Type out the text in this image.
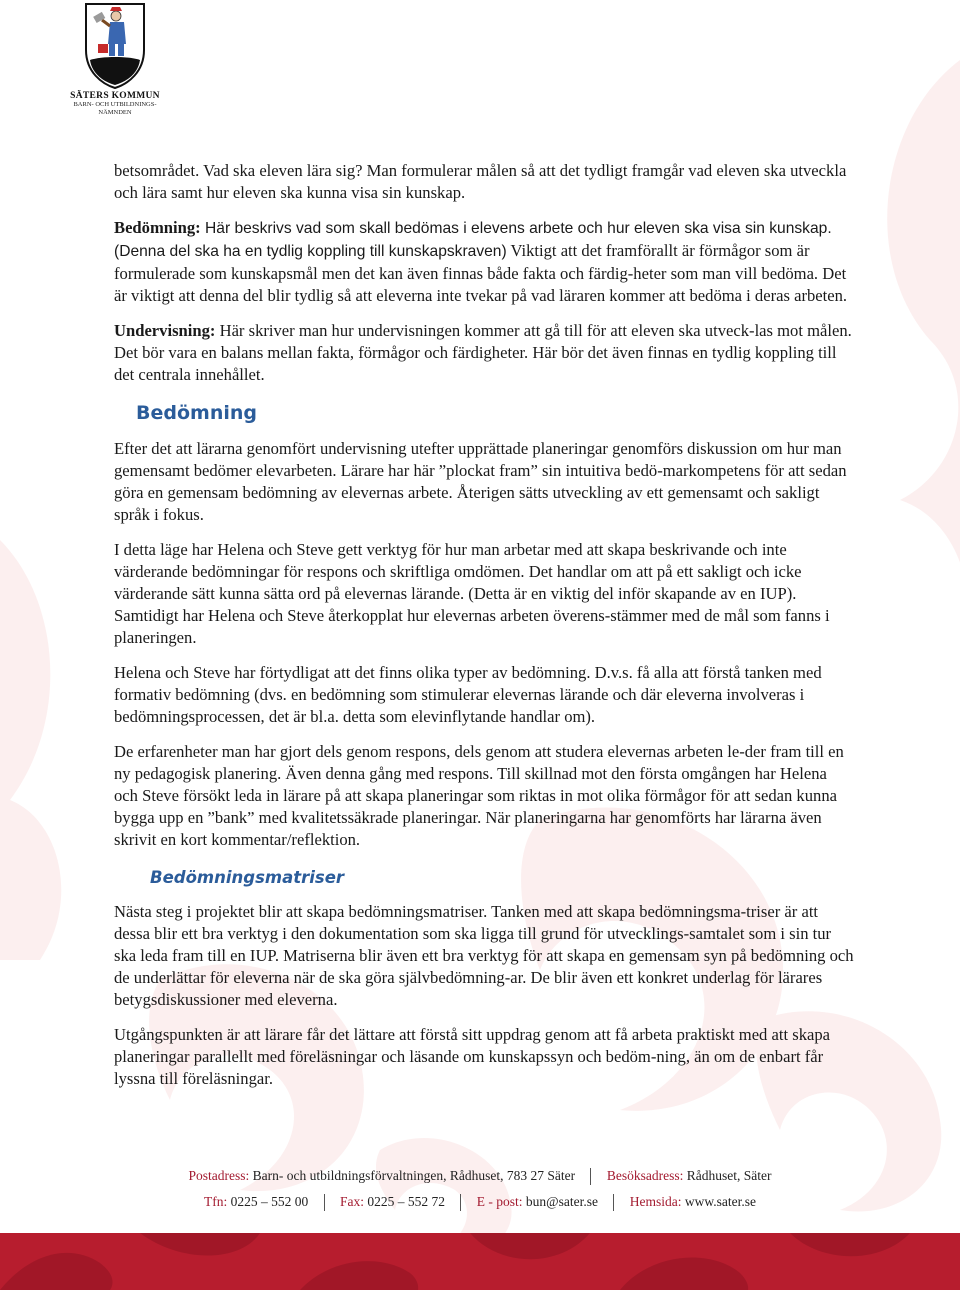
SÄTERS KOMMUN
BARN- OCH UTBILDNINGS-
NÄMNDEN

betsområdet. Vad ska eleven lära sig? Man formulerar målen så att det tydligt framgår vad eleven ska utveckla och lära samt hur eleven ska kunna visa sin kunskap.

Bedömning: Här beskrivs vad som skall bedömas i elevens arbete och hur eleven ska visa sin kunskap. (Denna del ska ha en tydlig koppling till kunskapskraven) Viktigt att det framförallt är förmågor som är formulerade som kunskapsmål men det kan även finnas både fakta och färdig-heter som man vill bedöma. Det är viktigt att denna del blir tydlig så att eleverna inte tvekar på vad läraren kommer att bedöma i deras arbeten.

Undervisning: Här skriver man hur undervisningen kommer att gå till för att eleven ska utveck-las mot målen. Det bör vara en balans mellan fakta, förmågor och färdigheter. Här bör det även finnas en tydlig koppling till det centrala innehållet.

Bedömning

Efter det att lärarna genomfört undervisning utefter upprättade planeringar genomförs diskussion om hur man gemensamt bedömer elevarbeten. Lärare har här ”plockat fram” sin intuitiva bedö-markompetens för att sedan göra en gemensam bedömning av elevernas arbete. Återigen sätts utveckling av ett gemensamt och sakligt språk i fokus.

I detta läge har Helena och Steve gett verktyg för hur man arbetar med att skapa beskrivande och inte värderande bedömningar för respons och skriftliga omdömen. Det handlar om att på ett sakligt och icke värderande sätt kunna sätta ord på elevernas lärande. (Detta är en viktig del inför skapande av en IUP). Samtidigt har Helena och Steve återkopplat hur elevernas arbeten överens-stämmer med de mål som fanns i planeringen.

Helena och Steve har förtydligat att det finns olika typer av bedömning. D.v.s. få alla att förstå tanken med formativ bedömning (dvs. en bedömning som stimulerar elevernas lärande och där eleverna involveras i bedömningsprocessen, det är bl.a. detta som elevinflytande handlar om).

De erfarenheter man har gjort dels genom respons, dels genom att studera elevernas arbeten le-der fram till en ny pedagogisk planering. Även denna gång med respons. Till skillnad mot den första omgången har Helena och Steve försökt leda in lärare på att skapa planeringar som riktas in mot olika förmågor för att sedan kunna bygga upp en ”bank” med kvalitetssäkrade planeringar. När planeringarna har genomförts har lärarna även skrivit en kort kommentar/reflektion.

Bedömningsmatriser

Nästa steg i projektet blir att skapa bedömningsmatriser. Tanken med att skapa bedömningsma-triser är att dessa blir ett bra verktyg i den dokumentation som ska ligga till grund för utvecklings-samtalet som i sin tur ska leda fram till en IUP. Matriserna blir även ett bra verktyg för att skapa en gemensam syn på bedömning och de underlättar för eleverna när de ska göra självbedömning-ar. De blir även ett konkret underlag för lärares betygsdiskussioner med eleverna.

Utgångspunkten är att lärare får det lättare att förstå sitt uppdrag genom att få arbeta praktiskt med att skapa planeringar parallellt med föreläsningar och läsande om kunskapssyn och bedöm-ning, än om de enbart får lyssna till föreläsningar.

Postadress: Barn- och utbildningsförvaltningen, Rådhuset, 783 27 Säter Besöksadress: Rådhuset, Säter
Tfn: 0225 – 552 00 Fax: 0225 – 552 72 E - post: bun@sater.se Hemsida: www.sater.se
